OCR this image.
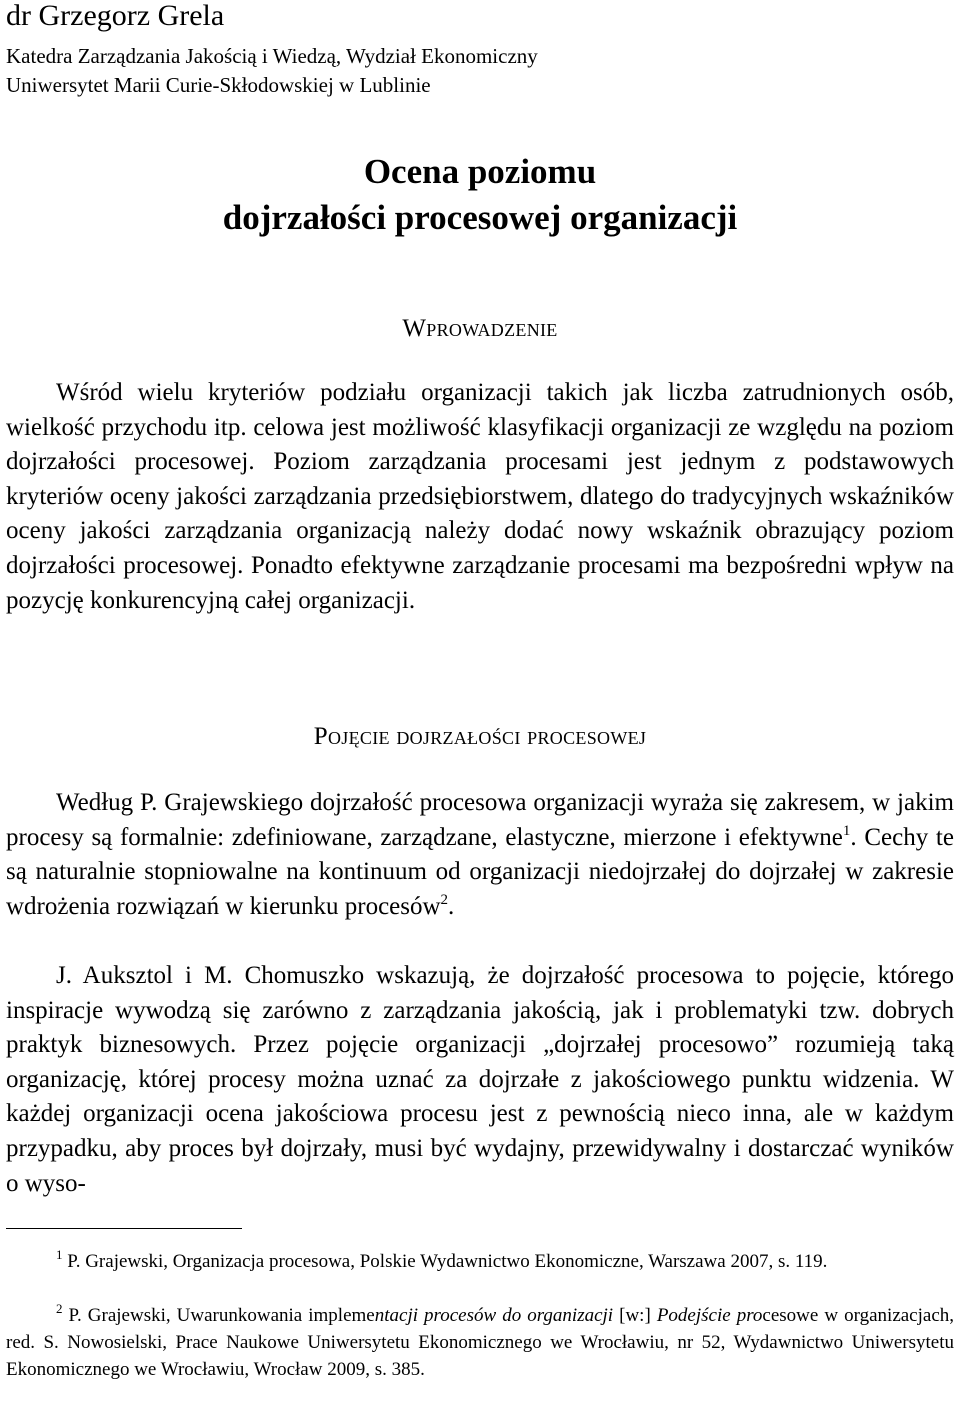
dr Grzegorz Grela
Katedra Zarządzania Jakością i Wiedzą, Wydział Ekonomiczny
Uniwersytet Marii Curie-Skłodowskiej w Lublinie
Ocena poziomu
dojrzałości procesowej organizacji
Wprowadzenie

Wśród wielu kryteriów podziału organizacji takich jak liczba zatrudnionych osób, wielkość przychodu itp. celowa jest możliwość klasyfikacji organizacji ze względu na poziom dojrzałości procesowej. Poziom zarządzania procesami jest jednym z podstawowych kryteriów oceny jakości zarządzania przedsiębiorstwem, dlatego do tradycyjnych wskaźników oceny jakości zarządzania organizacją należy dodać nowy wskaźnik obrazujący poziom dojrzałości procesowej. Ponadto efektywne zarządzanie procesami ma bezpośredni wpływ na pozycję konkurencyjną całej organizacji.

Pojęcie dojrzałości procesowej

Według P. Grajewskiego dojrzałość procesowa organizacji wyraża się zakresem, w jakim procesy są formalnie: zdefiniowane, zarządzane, elastyczne, mierzone i efektywne$^1$. Cechy te są naturalnie stopniowalne na kontinuum od organizacji niedojrzałej do dojrzałej w zakresie wdrożenia rozwiązań w kierunku procesów$^2$.

J. Auksztol i M. Chomuszko wskazują, że dojrzałość procesowa to pojęcie, którego inspiracje wywodzą się zarówno z zarządzania jakością, jak i problematyki tzw. dobrych praktyk biznesowych. Przez pojęcie organizacji „dojrzałej procesowo” rozumieją taką organizację, której procesy można uznać za dojrzałe z jakościowego punktu widzenia. W każdej organizacji ocena jakościowa procesu jest z pewnością nieco inna, ale w każdym przypadku, aby proces był dojrzały, musi być wydajny, przewidywalny i dostarczać wyników o wyso-

$^1$ P. Grajewski, Organizacja procesowa, Polskie Wydawnictwo Ekonomiczne, Warszawa 2007, s. 119.

$^2$ P. Grajewski, Uwarunkowania implementacji procesów do organizacji [w:] Podejście procesowe w organizacjach, red. S. Nowosielski, Prace Naukowe Uniwersytetu Ekonomicznego we Wrocławiu, nr 52, Wydawnictwo Uniwersytetu Ekonomicznego we Wrocławiu, Wrocław 2009, s. 385.
